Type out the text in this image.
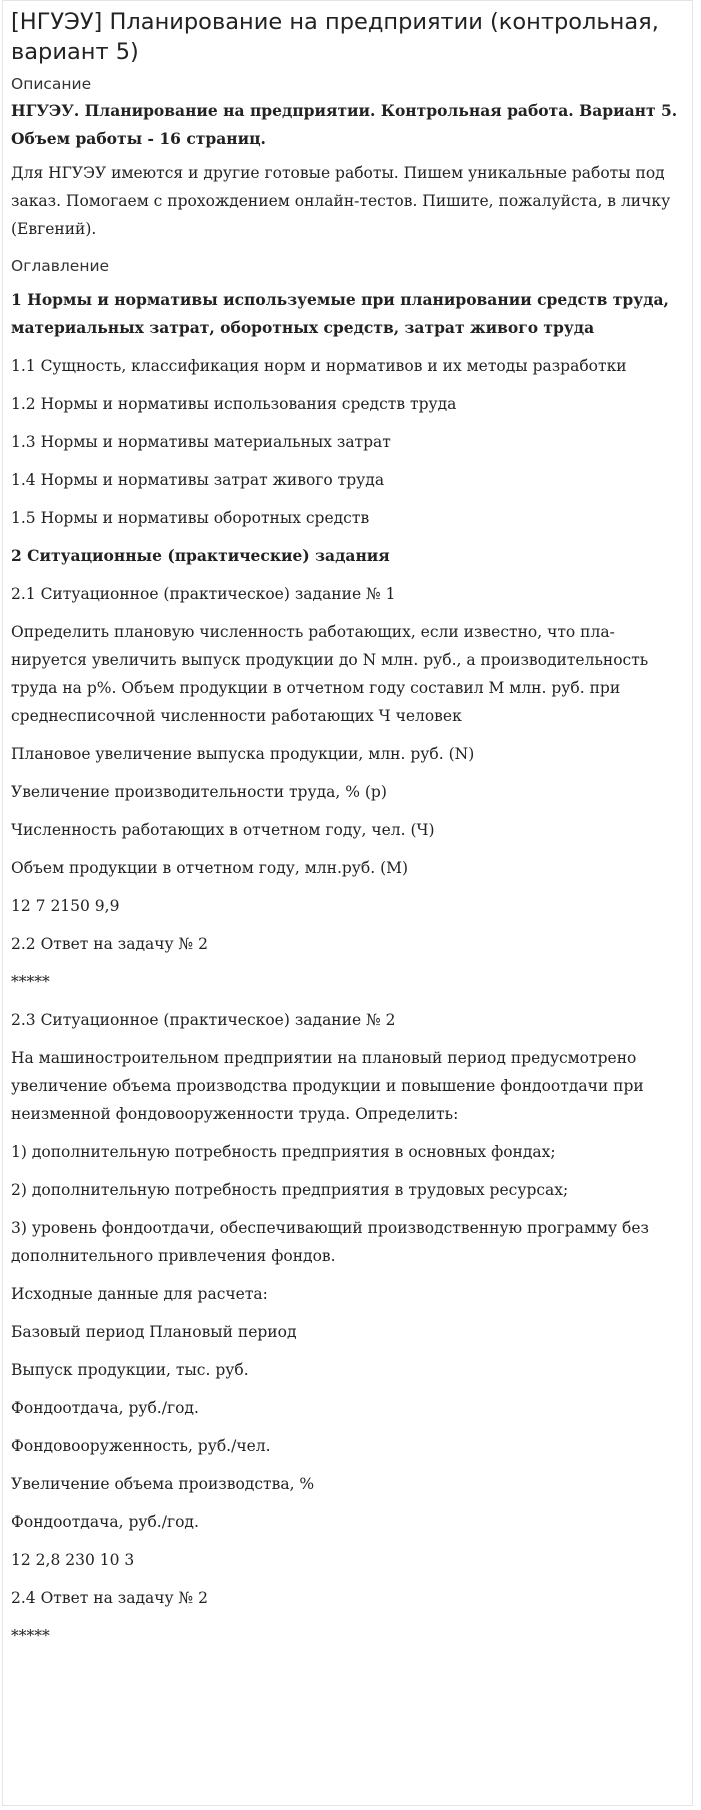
[НГУЭУ] Планирование на предприятии (контрольная, вариант 5)
Описание

НГУЭУ. Планирование на предприятии. Контрольная работа. Вариант 5. Объем работы - 16 страниц.

Для НГУЭУ имеются и другие готовые работы. Пишем уникальные работы под заказ. Помогаем с прохождением онлайн-тестов. Пишите, пожалуйста, в личку (Евгений).

Оглавление

1 Нормы и нормативы используемые при планировании средств труда, материальных затрат, оборотных средств, затрат живого труда

1.1 Сущность, классификация норм и нормативов и их методы разработки

1.2 Нормы и нормативы использования средств труда

1.3 Нормы и нормативы материальных затрат

1.4 Нормы и нормативы затрат живого труда

1.5 Нормы и нормативы оборотных средств

2 Ситуационные (практические) задания

2.1 Ситуационное (практическое) задание № 1

Определить плановую численность работающих, если известно, что пла-нируется увеличить выпуск продукции до N млн. руб., а производительность труда на р%. Объем продукции в отчетном году составил М млн. руб. при среднесписочной численности работающих Ч человек

Плановое увеличение выпуска продукции, млн. руб. (N)

Увеличение производительности труда, % (р)

Численность работающих в отчетном году, чел. (Ч)

Объем продукции в отчетном году, млн.руб. (М)

12 7 2150 9,9

2.2 Ответ на задачу № 2

*****

2.3 Ситуационное (практическое) задание № 2

На машиностроительном предприятии на плановый период предусмотрено увеличение объема производства продукции и повышение фондоотдачи при неизменной фондовооруженности труда. Определить:

1) дополнительную потребность предприятия в основных фондах;

2) дополнительную потребность предприятия в трудовых ресурсах;

3) уровень фондоотдачи, обеспечивающий производственную программу без дополнительного привлечения фондов.

Исходные данные для расчета:

Базовый период Плановый период

Выпуск продукции, тыс. руб.

Фондоотдача, руб./год.

Фондовооруженность, руб./чел.

Увеличение объема производства, %

Фондоотдача, руб./год.

12 2,8 230 10 3

2.4 Ответ на задачу № 2

*****
